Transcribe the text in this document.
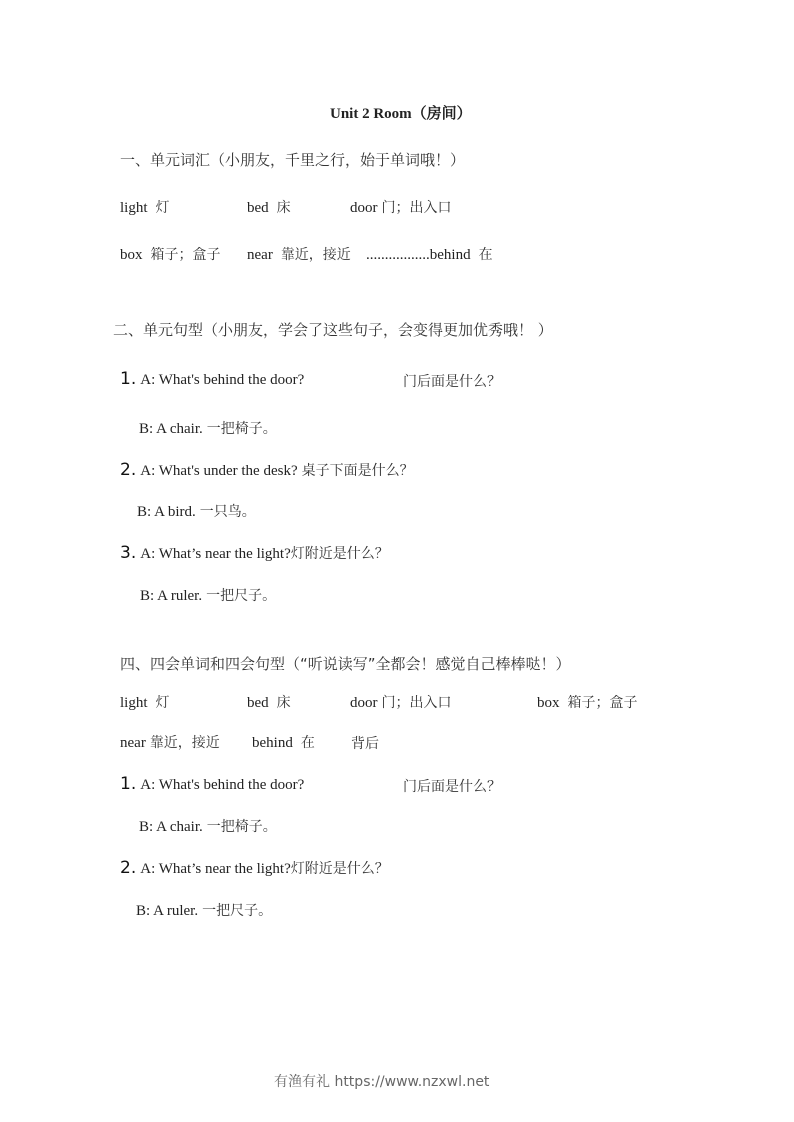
Unit 2 Room（房间）
一、单元词汇（小朋友，千里之行，始于单词哦！）
light 灯	bed 床	door 门；出入口
box 箱子；盒子 near 靠近，接近 .................behind 在
二、单元句型（小朋友，学会了这些句子，会变得更加优秀哦！ ）
1. A: What's behind the door?	门后面是什么？
B: A chair. 一把椅子。
2. A: What's under the desk? 桌子下面是什么？
B: A bird. 一只鸟。
3. A: What’s near the light?灯附近是什么？
B: A ruler. 一把尺子。
四、四会单词和四会句型（“听说读写”全都会！感觉自己棒棒哒！）
light 灯	bed 床	door 门；出入口	box 箱子；盒子
near 靠近，接近 behind 在	背后
1. A: What's behind the door?	门后面是什么？
B: A chair. 一把椅子。
2. A: What’s near the light?灯附近是什么？
B: A ruler. 一把尺子。
有渔有礼 https://www.nzxwl.net
